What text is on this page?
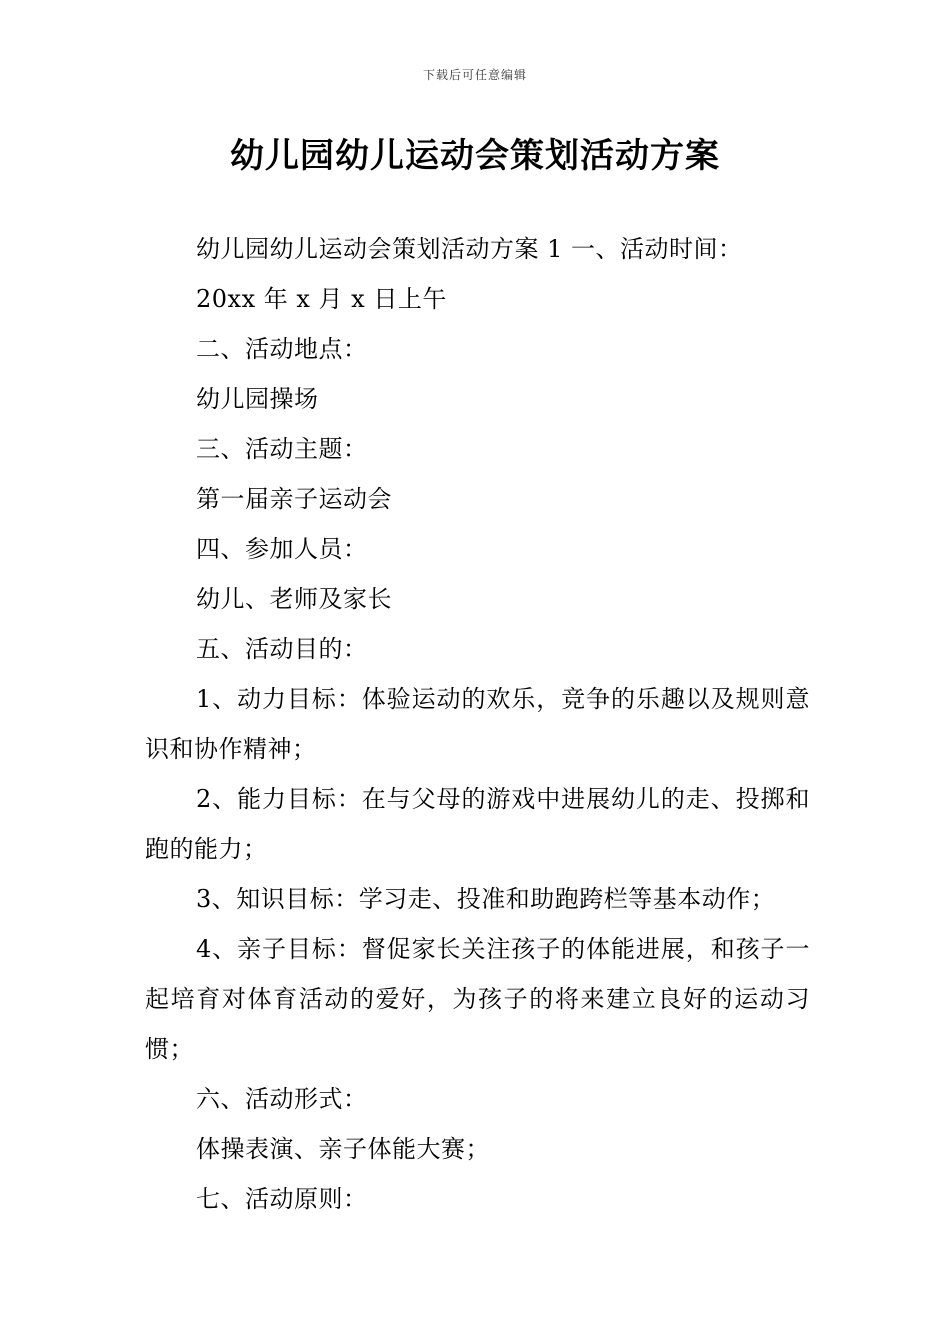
下载后可任意编辑
幼儿园幼儿运动会策划活动方案

幼儿园幼儿运动会策划活动方案 1 一、活动时间：

20xx 年 x 月 x 日上午

二、活动地点：

幼儿园操场

三、活动主题：

第一届亲子运动会

四、参加人员：

幼儿、老师及家长

五、活动目的：

1、动力目标：体验运动的欢乐，竞争的乐趣以及规则意识和协作精神；

2、能力目标：在与父母的游戏中进展幼儿的走、投掷和跑的能力；

3、知识目标：学习走、投准和助跑跨栏等基本动作；

4、亲子目标：督促家长关注孩子的体能进展，和孩子一起培育对体育活动的爱好，为孩子的将来建立良好的运动习惯；

六、活动形式：

体操表演、亲子体能大赛；

七、活动原则：
